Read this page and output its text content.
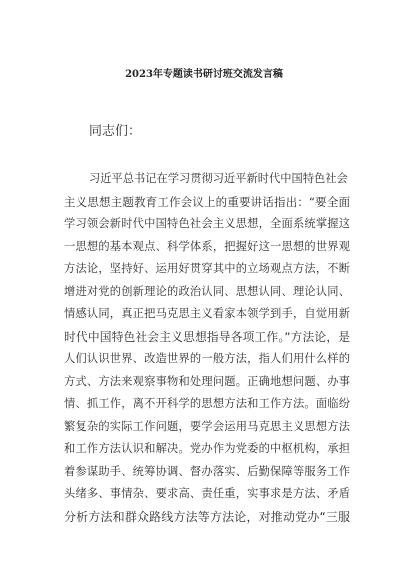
2023年专题读书研讨班交流发言稿

同志们：

习近平总书记在学习贯彻习近平新时代中国特色社会
主义思想主题教育工作会议上的重要讲话指出：“要全面
学习领会新时代中国特色社会主义思想，全面系统掌握这
一思想的基本观点、科学体系，把握好这一思想的世界观
方法论，坚持好、运用好贯穿其中的立场观点方法，不断
增进对党的创新理论的政治认同、思想认同、理论认同、
情感认同，真正把马克思主义看家本领学到手，自觉用新
时代中国特色社会主义思想指导各项工作。”方法论，是
人们认识世界、改造世界的一般方法，指人们用什么样的
方式、方法来观察事物和处理问题。正确地想问题、办事
情、抓工作，离不开科学的思想方法和工作方法。面临纷
繁复杂的实际工作问题，要学会运用马克思主义思想方法
和工作方法认识和解决。党办作为党委的中枢机构，承担
着参谋助手、统筹协调、督办落实、后勤保障等服务工作
头绪多、事情杂、要求高、责任重，实事求是方法、矛盾
分析方法和群众路线方法等方法论，对推动党办“三服
